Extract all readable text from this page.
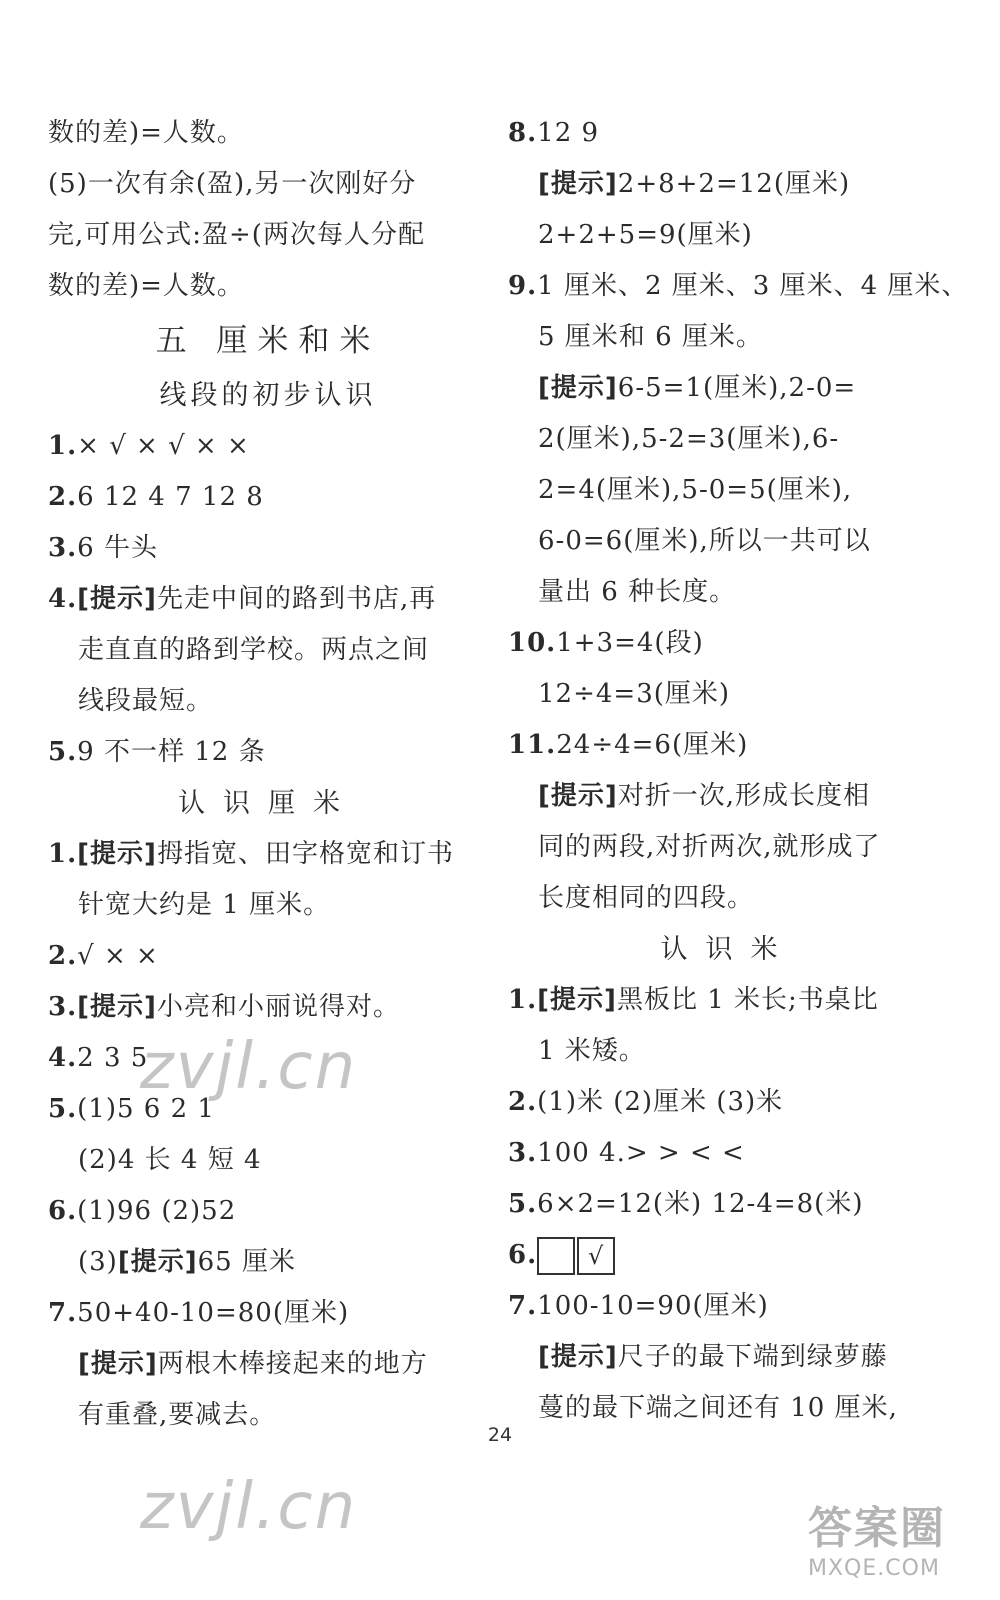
数的差)=人数。
(5)一次有余(盈),另一次刚好分
完,可用公式:盈÷(两次每人分配
数的差)=人数。
五 厘米和米
线段的初步认识
1.× √ × √ × ×
2.6 12 4 7 12 8
3.6 牛头
4.[提示]先走中间的路到书店,再
走直直的路到学校。两点之间
线段最短。
5.9 不一样 12 条
认识厘米
1.[提示]拇指宽、田字格宽和订书
针宽大约是 1 厘米。
2.√ × ×
3.[提示]小亮和小丽说得对。
4.2 3 5
5.(1)5 6 2 1
(2)4 长 4 短 4
6.(1)96 (2)52
(3)[提示]65 厘米
7.50+40-10=80(厘米)
[提示]两根木棒接起来的地方
有重叠,要减去。
8.12 9
[提示]2+8+2=12(厘米)
2+2+5=9(厘米)
9.1 厘米、2 厘米、3 厘米、4 厘米、
5 厘米和 6 厘米。
[提示]6-5=1(厘米),2-0=
2(厘米),5-2=3(厘米),6-
2=4(厘米),5-0=5(厘米),
6-0=6(厘米),所以一共可以
量出 6 种长度。
10.1+3=4(段)
12÷4=3(厘米)
11.24÷4=6(厘米)
[提示]对折一次,形成长度相
同的两段,对折两次,就形成了
长度相同的四段。
认识米
1.[提示]黑板比 1 米长;书桌比
1 米矮。
2.(1)米 (2)厘米 (3)米
3.100 4.> > < <
5.6×2=12(米) 12-4=8(米)
6. √
7.100-10=90(厘米)
[提示]尺子的最下端到绿萝藤
蔓的最下端之间还有 10 厘米,
24
zvjl.cn
zvjl.cn	答案圈
MXQE.COM
